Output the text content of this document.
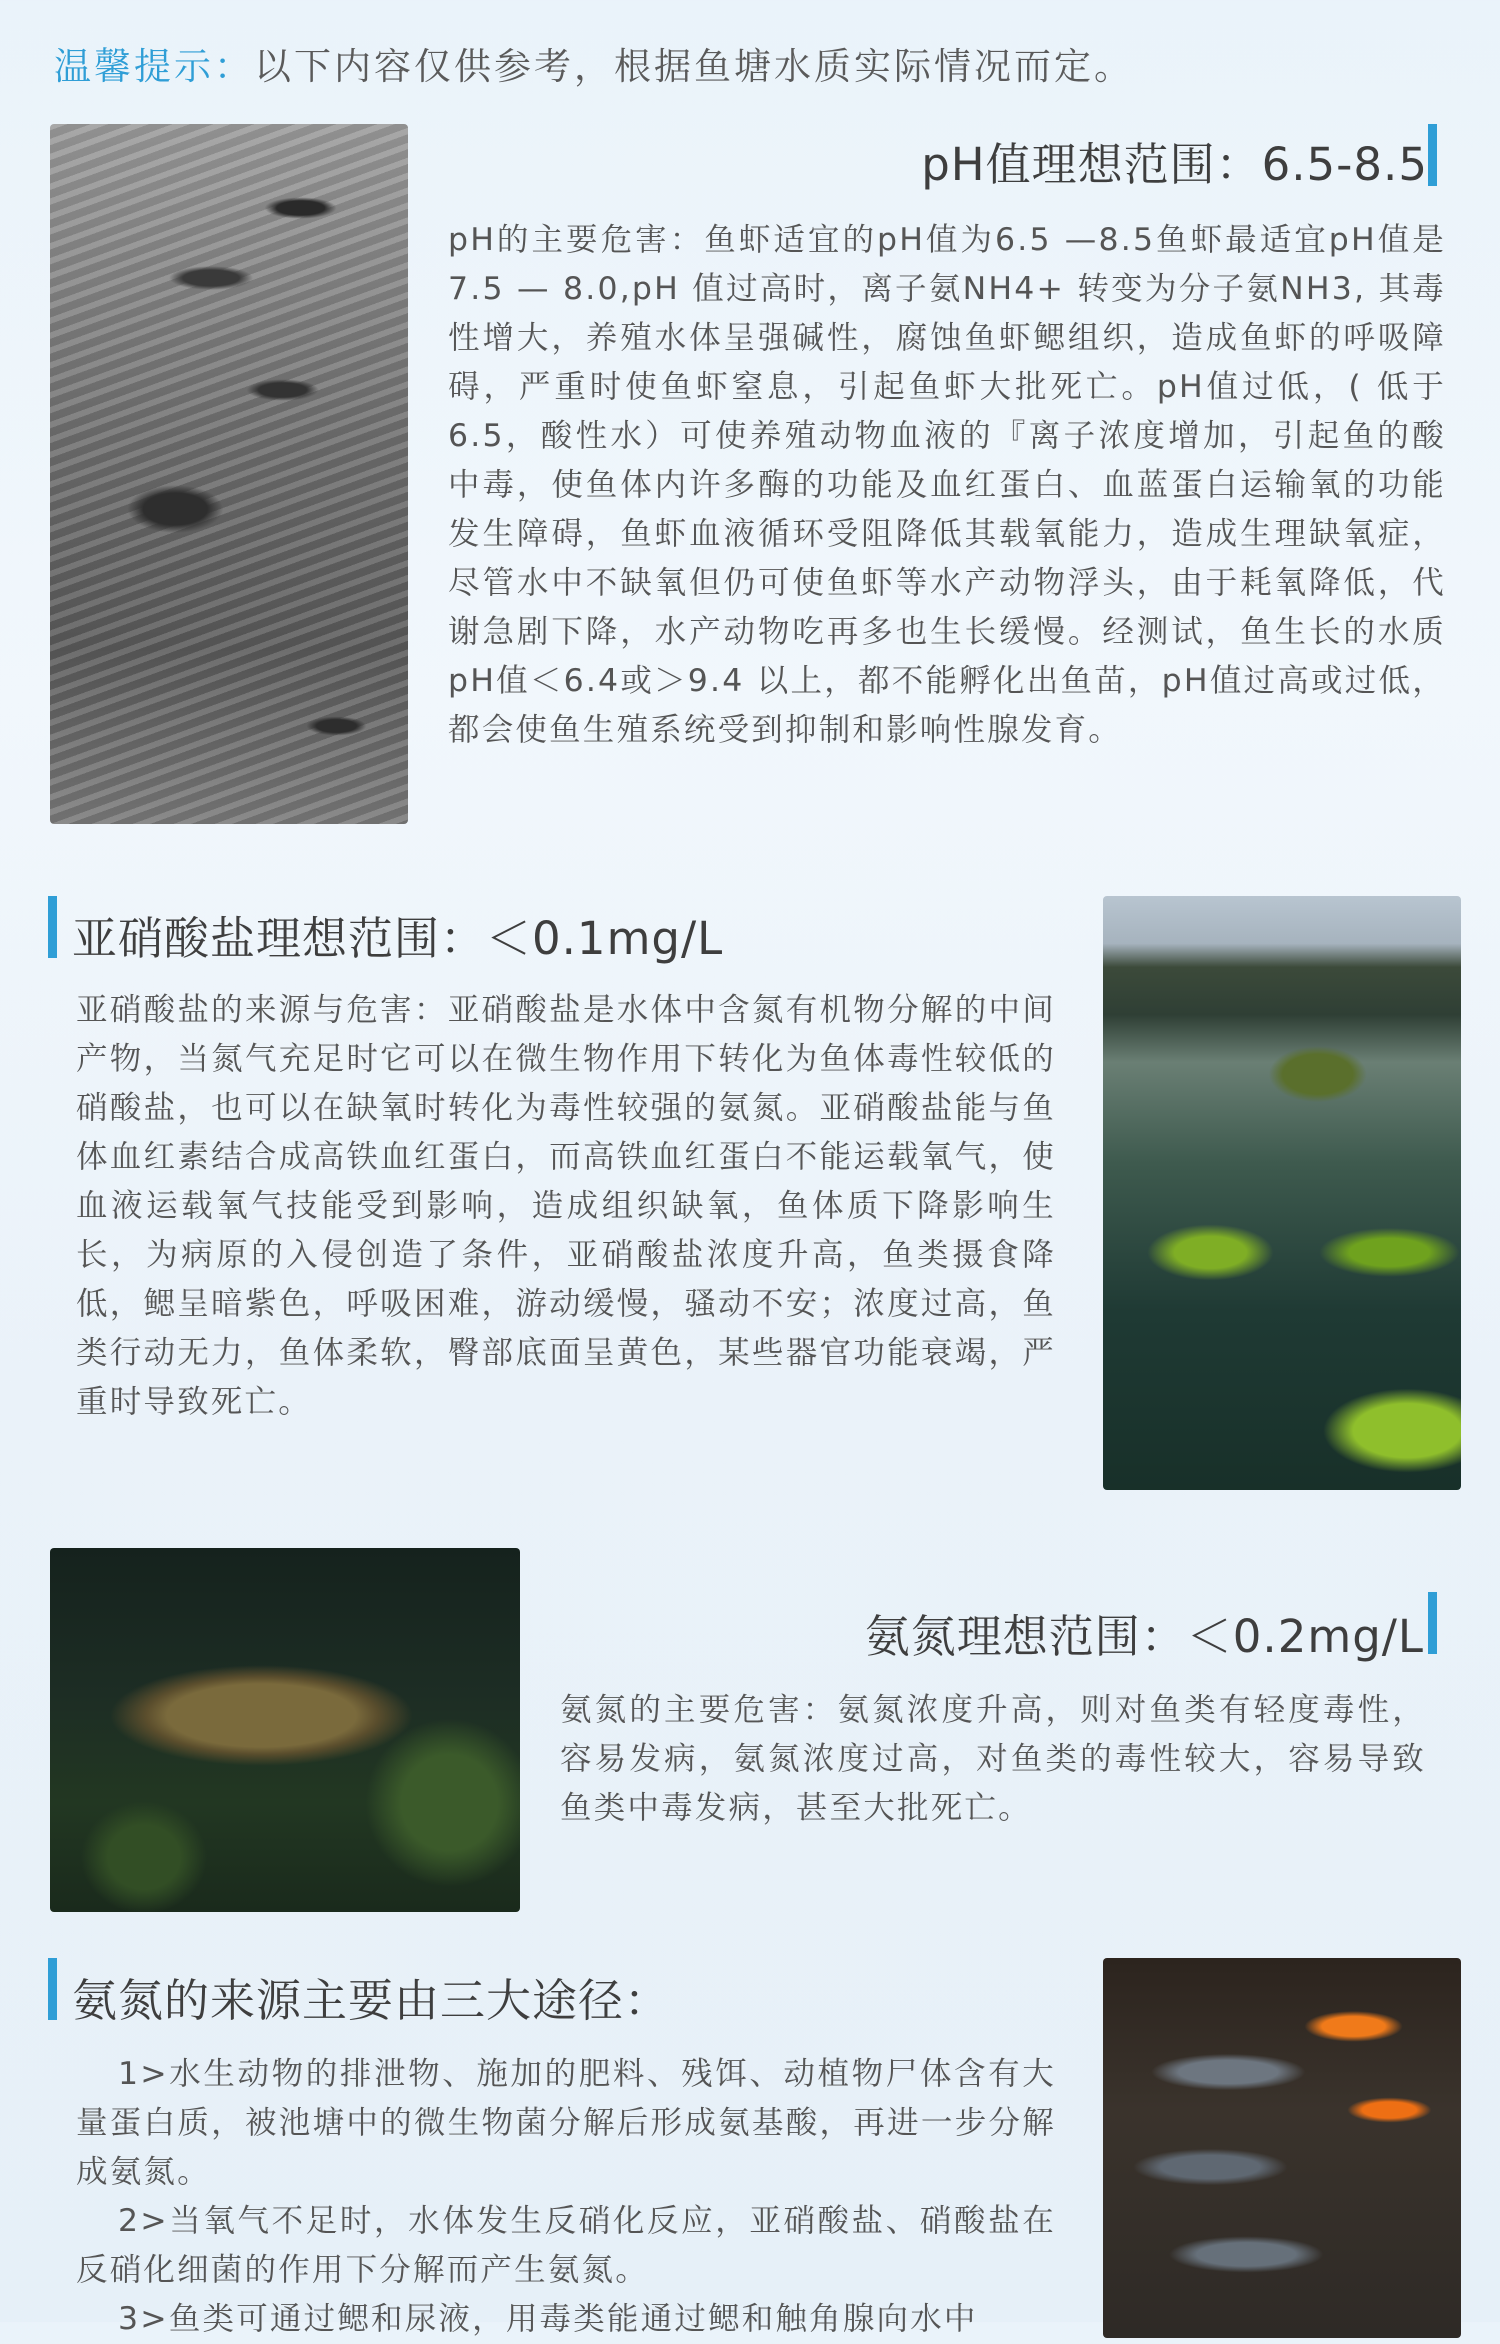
温馨提示：以下内容仅供参考，根据鱼塘水质实际情况而定。
pH值理想范围：6.5-8.5
pH的主要危害：鱼虾适宜的pH值为6.5 —8.5鱼虾最适宜pH值是7.5 — 8.0,pH 值过高时，离子氨NH4+ 转变为分子氨NH3, 其毒性增大，养殖水体呈强碱性，腐蚀鱼虾鳃组织，造成鱼虾的呼吸障碍，严重时使鱼虾窒息，引起鱼虾大批死亡。pH值过低，( 低于6.5，酸性水）可使养殖动物血液的『离子浓度增加，引起鱼的酸中毒，使鱼体内许多酶的功能及血红蛋白、血蓝蛋白运输氧的功能发生障碍，鱼虾血液循环受阻降低其载氧能力，造成生理缺氧症，尽管水中不缺氧但仍可使鱼虾等水产动物浮头，由于耗氧降低，代谢急剧下降，水产动物吃再多也生长缓慢。经测试，鱼生长的水质pH值＜6.4或＞9.4 以上，都不能孵化出鱼苗，pH值过高或过低，都会使鱼生殖系统受到抑制和影响性腺发育。
亚硝酸盐理想范围：＜0.1mg/L
亚硝酸盐的来源与危害：亚硝酸盐是水体中含氮有机物分解的中间产物，当氮气充足时它可以在微生物作用下转化为鱼体毒性较低的硝酸盐，也可以在缺氧时转化为毒性较强的氨氮。亚硝酸盐能与鱼体血红素结合成高铁血红蛋白，而高铁血红蛋白不能运载氧气，使血液运载氧气技能受到影响，造成组织缺氧，鱼体质下降影响生长，为病原的入侵创造了条件，亚硝酸盐浓度升高，鱼类摄食降低，鳃呈暗紫色，呼吸困难，游动缓慢，骚动不安；浓度过高，鱼类行动无力，鱼体柔软，臀部底面呈黄色，某些器官功能衰竭，严重时导致死亡。
氨氮理想范围：＜0.2mg/L
氨氮的主要危害：氨氮浓度升高，则对鱼类有轻度毒性，容易发病，氨氮浓度过高，对鱼类的毒性较大，容易导致鱼类中毒发病，甚至大批死亡。
氨氮的来源主要由三大途径：
1>水生动物的排泄物、施加的肥料、残饵、动植物尸体含有大量蛋白质，被池塘中的微生物菌分解后形成氨基酸，再进一步分解成氨氮。
2>当氧气不足时，水体发生反硝化反应，亚硝酸盐、硝酸盐在反硝化细菌的作用下分解而产生氨氮。
3>鱼类可通过鳃和尿液，用毒类能通过鳃和触角腺向水中
